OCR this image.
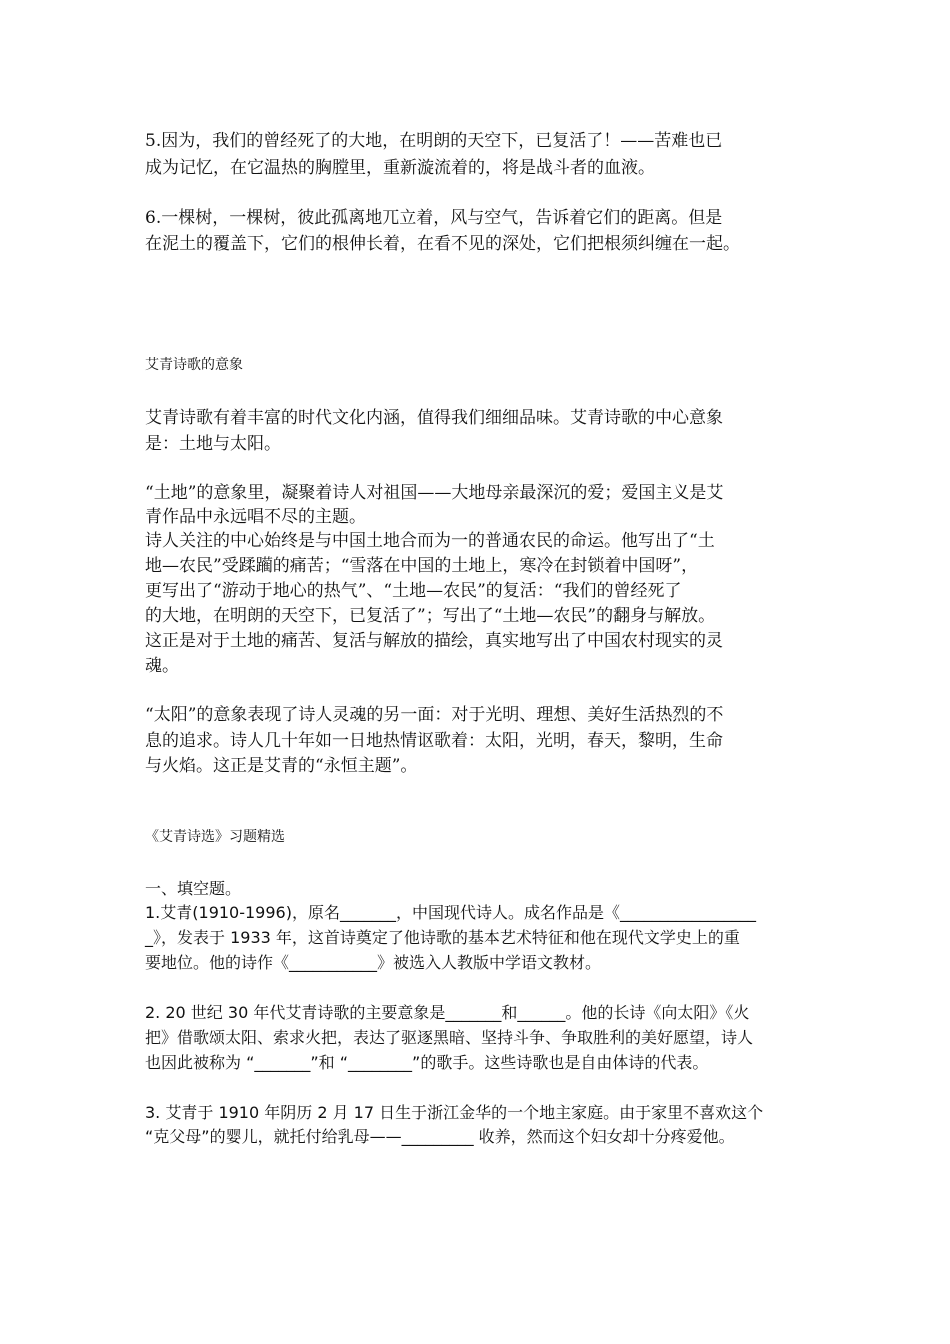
5.因为，我们的曾经死了的大地，在明朗的天空下，已复活了！——苦难也已
成为记忆，在它温热的胸膛里，重新漩流着的，将是战斗者的血液。
6.一棵树，一棵树，彼此孤离地兀立着，风与空气，告诉着它们的距离。但是
在泥土的覆盖下，它们的根伸长着，在看不见的深处，它们把根须纠缠在一起。
艾青诗歌的意象
艾青诗歌有着丰富的时代文化内涵，值得我们细细品味。艾青诗歌的中心意象
是：土地与太阳。
“土地”的意象里，凝聚着诗人对祖国——大地母亲最深沉的爱；爱国主义是艾
青作品中永远唱不尽的主题。
诗人关注的中心始终是与中国土地合而为一的普通农民的命运。他写出了“土
地—农民”受蹂躏的痛苦；“雪落在中国的土地上，寒冷在封锁着中国呀”，
更写出了“游动于地心的热气”、“土地—农民”的复活：“我们的曾经死了
的大地，在明朗的天空下，已复活了”；写出了“土地—农民”的翻身与解放。
这正是对于土地的痛苦、复活与解放的描绘，真实地写出了中国农村现实的灵
魂。
“太阳”的意象表现了诗人灵魂的另一面：对于光明、理想、美好生活热烈的不
息的追求。诗人几十年如一日地热情讴歌着：太阳，光明，春天，黎明，生命
与火焰。这正是艾青的“永恒主题”。
《艾青诗选》习题精选
一、填空题。
1.艾青(1910-1996)，原名_______，中国现代诗人。成名作品是《_________________
_》，发表于 1933 年，这首诗奠定了他诗歌的基本艺术特征和他在现代文学史上的重
要地位。他的诗作《___________》被选入人教版中学语文教材。
2. 20 世纪 30 年代艾青诗歌的主要意象是_______和______。他的长诗《向太阳》《火
把》借歌颂太阳、索求火把，表达了驱逐黑暗、坚持斗争、争取胜利的美好愿望，诗人
也因此被称为 “_______”和 “________”的歌手。这些诗歌也是自由体诗的代表。
3. 艾青于 1910 年阴历 2 月 17 日生于浙江金华的一个地主家庭。由于家里不喜欢这个
“克父母”的婴儿，就托付给乳母——_________ 收养，然而这个妇女却十分疼爱他。
